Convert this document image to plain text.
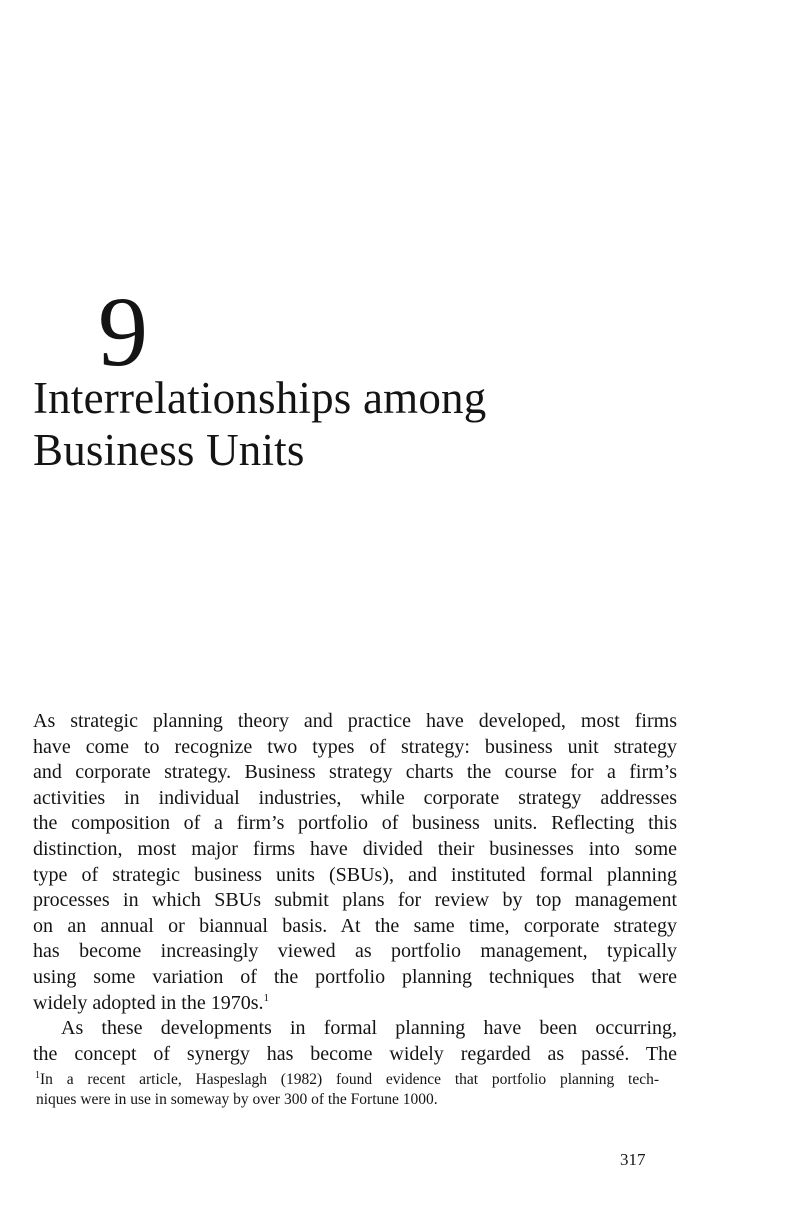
9
Interrelationships among
Business Units
As strategic planning theory and practice have developed, most firms
have come to recognize two types of strategy: business unit strategy
and corporate strategy. Business strategy charts the course for a firm’s
activities in individual industries, while corporate strategy addresses
the composition of a firm’s portfolio of business units. Reflecting this
distinction, most major firms have divided their businesses into some
type of strategic business units (SBUs), and instituted formal planning
processes in which SBUs submit plans for review by top management
on an annual or biannual basis. At the same time, corporate strategy
has become increasingly viewed as portfolio management, typically
using some variation of the portfolio planning techniques that were
widely adopted in the 1970s.$^1$
As these developments in formal planning have been occurring,
the concept of synergy has become widely regarded as passé. The
$^1$In a recent article, Haspeslagh (1982) found evidence that portfolio planning tech-
niques were in use in someway by over 300 of the Fortune 1000.
317
